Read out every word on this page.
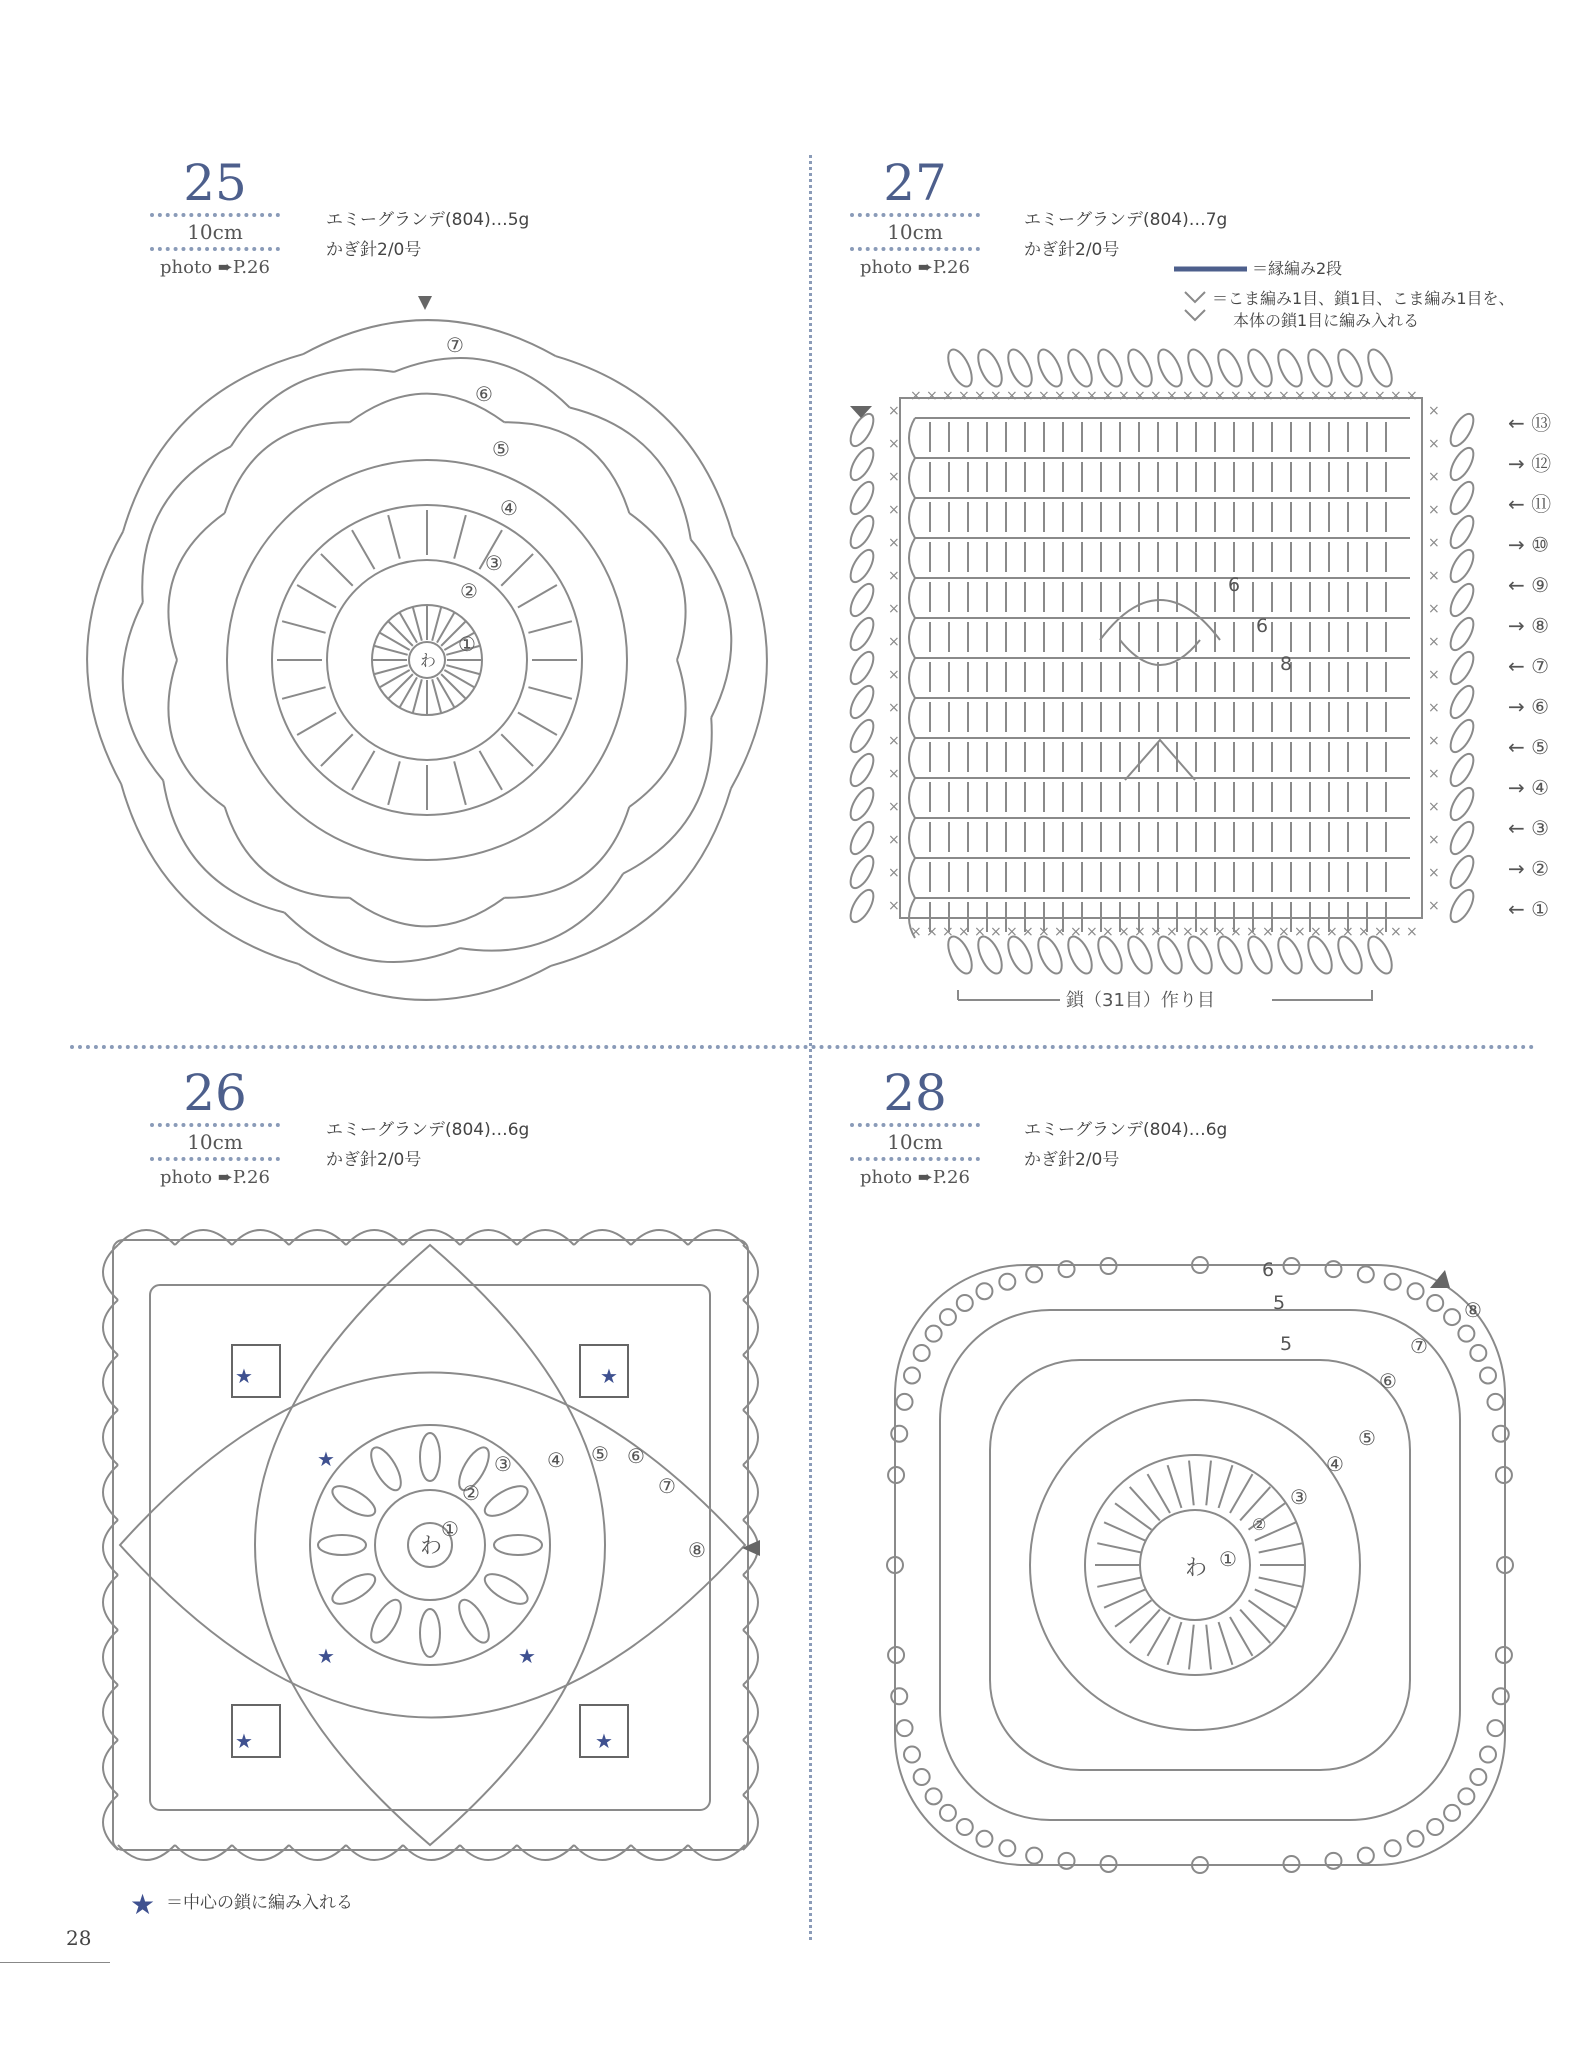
25
10cm
photo ➨P.26
エミーグランデ(804)…5g
かぎ針2/0号
27
10cm
photo ➨P.26
エミーグランデ(804)…7g
かぎ針2/0号
＝縁編み2段
＝こま編み1目、鎖1目、こま編み1目を、
本体の鎖1目に編み入れる
26
10cm
photo ➨P.26
エミーグランデ(804)…6g
かぎ針2/0号
＝中心の鎖に編み入れる
28
10cm
photo ➨P.26
エミーグランデ(804)…6g
かぎ針2/0号
28
×
×
×
×
×
×
×
×
×
×
×
×
×
×
×
×
×
×
×
×
×
×
×
×
×
×
×
×
×
×
×
×
×
×
×
×
×
×
×
×
×
×
×
×
×
×
×
×
×
×
×
×
×
×
×
×
×
×
×
×
×
×
×
×
×	×
×	×
×	×
×	×
×	×
×	×
×	×
×	×
×	×
×	×
×	×
×	×
×	×
×	×
×	×
×	×
わ
わ
わ
①
②
③
④
⑤
⑥
⑦
← ⑬
→ ⑫
← ⑪
→ ⑩
← ⑨
→ ⑧
← ⑦
→ ⑥
← ⑤
→ ④
← ③
→ ②
← ①
6
6
8
鎖（31目）作り目
①
②
③ ④ ⑤ ⑥
⑦
⑧	①
②
③
④
⑤
⑥
⑦
⑧
6
5
5
★	★
★
★	★
★	★
★
